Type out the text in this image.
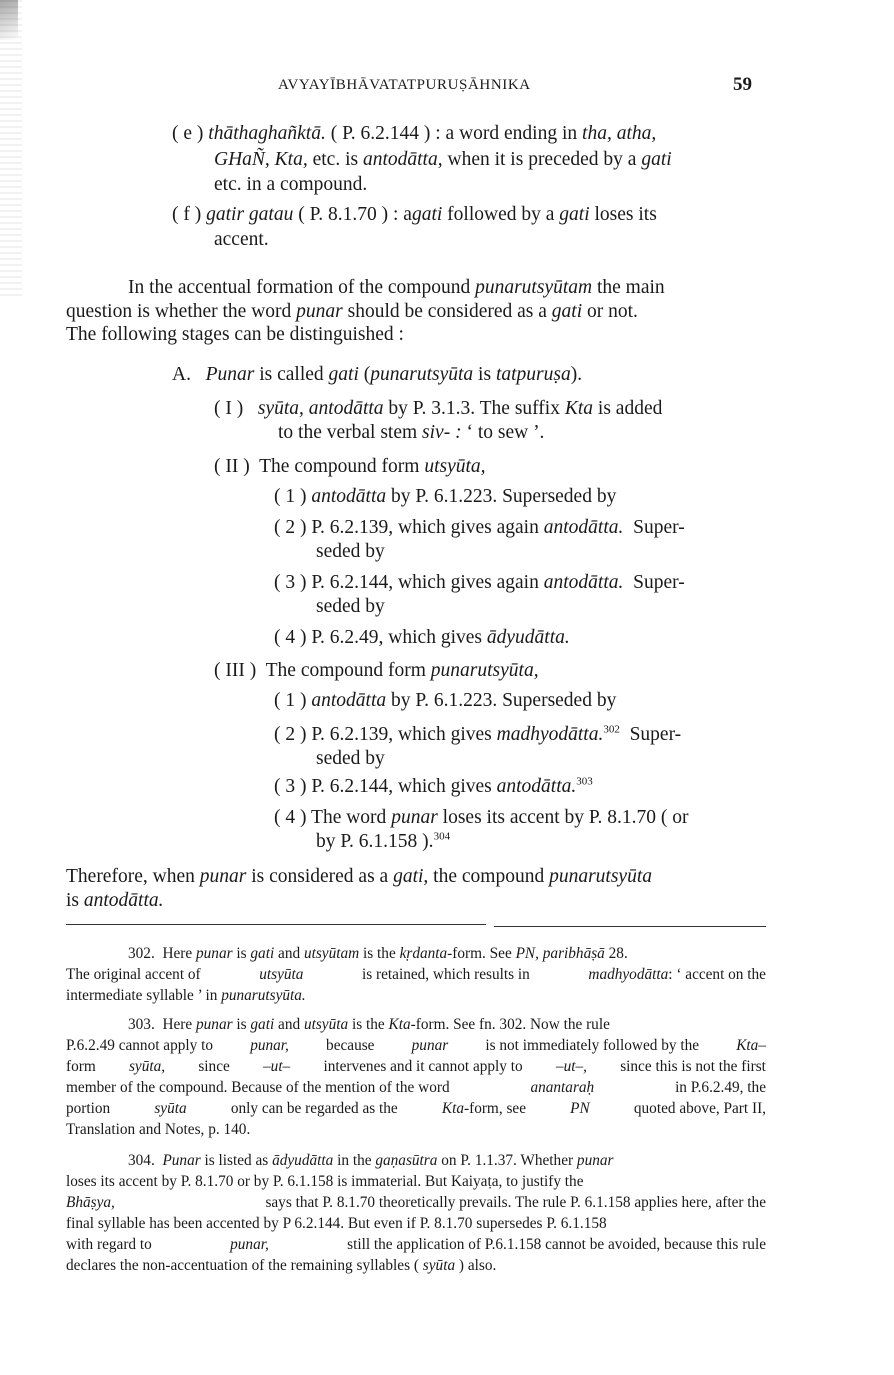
AVYAYĪBHĀVATATPURUṢĀHNIKA	59
( e ) thāthaghañktā. ( P. 6.2.144 ) : a word ending in tha, atha,
GHaÑ, Kta, etc. is antodātta, when it is preceded by a gati
etc. in a compound.
( f ) gatir gatau ( P. 8.1.70 ) : agati followed by a gati loses its
accent.
In the accentual formation of the compound punarutsyūtam the main
question is whether the word punar should be considered as a gati or not.
The following stages can be distinguished :
A. Punar is called gati (punarutsyūta is tatpuruṣa).
( I ) syūta, antodātta by P. 3.1.3. The suffix Kta is added
to the verbal stem siv- : ‘ to sew ’.
( II ) The compound form utsyūta,
( 1 ) antodātta by P. 6.1.223. Superseded by
( 2 ) P. 6.2.139, which gives again antodātta. Super-
seded by
( 3 ) P. 6.2.144, which gives again antodātta. Super-
seded by
( 4 ) P. 6.2.49, which gives ādyudātta.
( III ) The compound form punarutsyūta,
( 1 ) antodātta by P. 6.1.223. Superseded by
( 2 ) P. 6.2.139, which gives madhyodātta.$^{302}$ Super-
seded by
( 3 ) P. 6.2.144, which gives antodātta.$^{303}$
( 4 ) The word punar loses its accent by P. 8.1.70 ( or
by P. 6.1.158 ).$^{304}$
Therefore, when punar is considered as a gati, the compound punarutsyūta
is antodātta.
302. Here punar is gati and utsyūtam is the kṛdanta-form. See PN, paribhāṣā 28.
The original accent of	utsyūta	is retained, which results in	madhyodātta: ‘ accent on the
intermediate syllable ’ in punarutsyūta.
303. Here punar is gati and utsyūta is the Kta-form. See fn. 302. Now the rule
P.6.2.49 cannot apply to punar, because punar is not immediately followed by the Kta–
form syūta, since –ut– intervenes and it cannot apply to –ut–, since this is not the first
member of the compound. Because of the mention of the word	anantaraḥ	in P.6.2.49, the
portion	syūta	only can be regarded as the	Kta-form, see	PN	quoted above, Part II,
Translation and Notes, p. 140.
304. Punar is listed as ādyudātta in the gaṇasūtra on P. 1.1.37. Whether punar
loses its accent by P. 8.1.70 or by P. 6.1.158 is immaterial. But Kaiyaṭa, to justify the
Bhāṣya,	says that P. 8.1.70 theoretically prevails. The rule P. 6.1.158 applies here, after the
final syllable has been accented by P 6.2.144. But even if P. 8.1.70 supersedes P. 6.1.158
with regard to	punar,	still the application of P.6.1.158 cannot be avoided, because this rule
declares the non-accentuation of the remaining syllables ( syūta ) also.
